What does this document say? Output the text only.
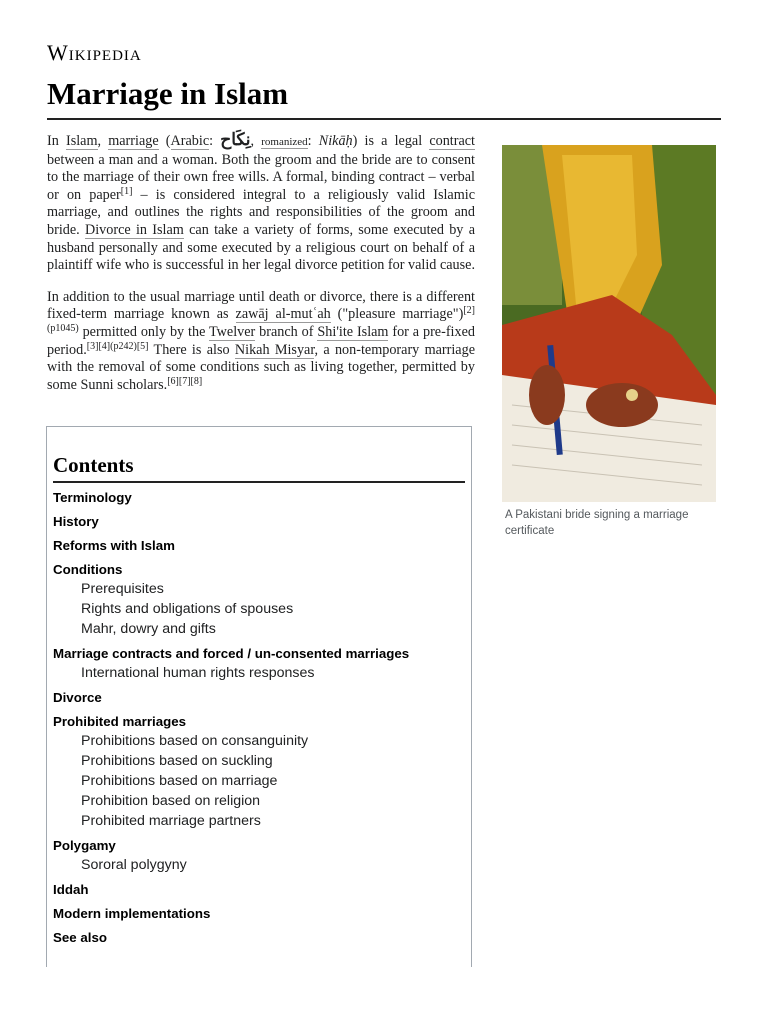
Wikipedia
Marriage in Islam

In Islam, marriage (Arabic: نِكَاح, romanized: Nikāḥ) is a legal contract between a man and a woman. Both the groom and the bride are to consent to the marriage of their own free wills. A formal, binding contract – verbal or on paper[1] – is considered integral to a religiously valid Islamic marriage, and outlines the rights and responsibilities of the groom and bride. Divorce in Islam can take a variety of forms, some executed by a husband personally and some executed by a religious court on behalf of a plaintiff wife who is successful in her legal divorce petition for valid cause.

In addition to the usual marriage until death or divorce, there is a different fixed-term marriage known as zawāj al-mutʿah ("pleasure marriage")$^{[2](p1045)}$ permitted only by the Twelver branch of Shi'ite Islam for a pre-fixed period.[3][4](p242)[5] There is also Nikah Misyar, a non-temporary marriage with the removal of some conditions such as living together, permitted by some Sunni scholars.[6][7][8]

A Pakistani bride signing a marriage certificate
Contents
Terminology
History
Reforms with Islam
Conditions
Prerequisites
Rights and obligations of spouses
Mahr, dowry and gifts
Marriage contracts and forced / un-consented marriages
International human rights responses
Divorce
Prohibited marriages
Prohibitions based on consanguinity
Prohibitions based on suckling
Prohibitions based on marriage
Prohibition based on religion
Prohibited marriage partners
Polygamy
Sororal polygyny
Iddah
Modern implementations
See also
